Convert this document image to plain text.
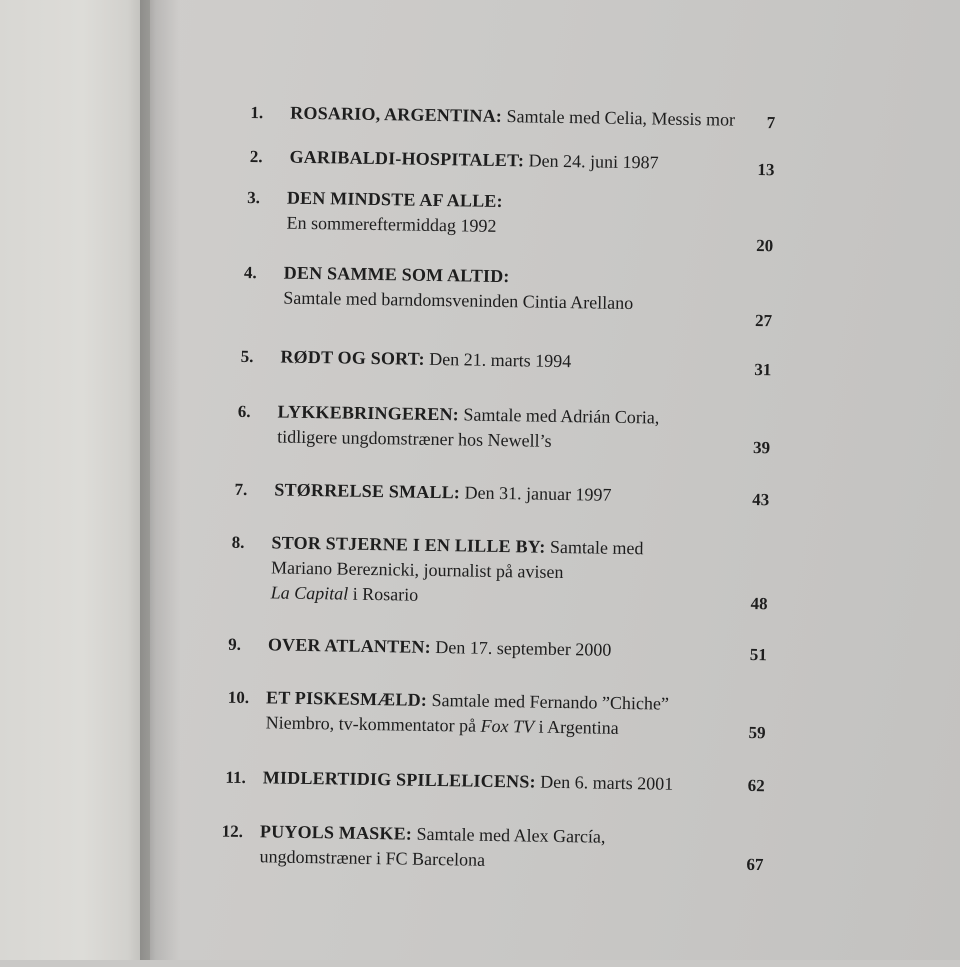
1. ROSARIO, ARGENTINA: Samtale med Celia, Messis mor	7
2. GARIBALDI-HOSPITALET: Den 24. juni 1987	13
3. DEN MINDSTE AF ALLE:
En sommereftermiddag 1992
20
4. DEN SAMME SOM ALTID:
Samtale med barndomsveninden Cintia Arellano
27
5. RØDT OG SORT: Den 21. marts 1994	31
6. LYKKEBRINGEREN: Samtale med Adrián Coria,
tidligere ungdomstræner hos Newell’s	39
7. STØRRELSE SMALL: Den 31. januar 1997	43
8. STOR STJERNE I EN LILLE BY: Samtale med
Mariano Bereznicki, journalist på avisen
La Capital i Rosario	48
9. OVER ATLANTEN: Den 17. september 2000	51
10. ET PISKESMÆLD: Samtale med Fernando ”Chiche”
Niembro, tv-kommentator på Fox TV i Argentina	59
11. MIDLERTIDIG SPILLELICENS: Den 6. marts 2001	62
12. PUYOLS MASKE: Samtale med Alex García,
ungdomstræner i FC Barcelona	67
